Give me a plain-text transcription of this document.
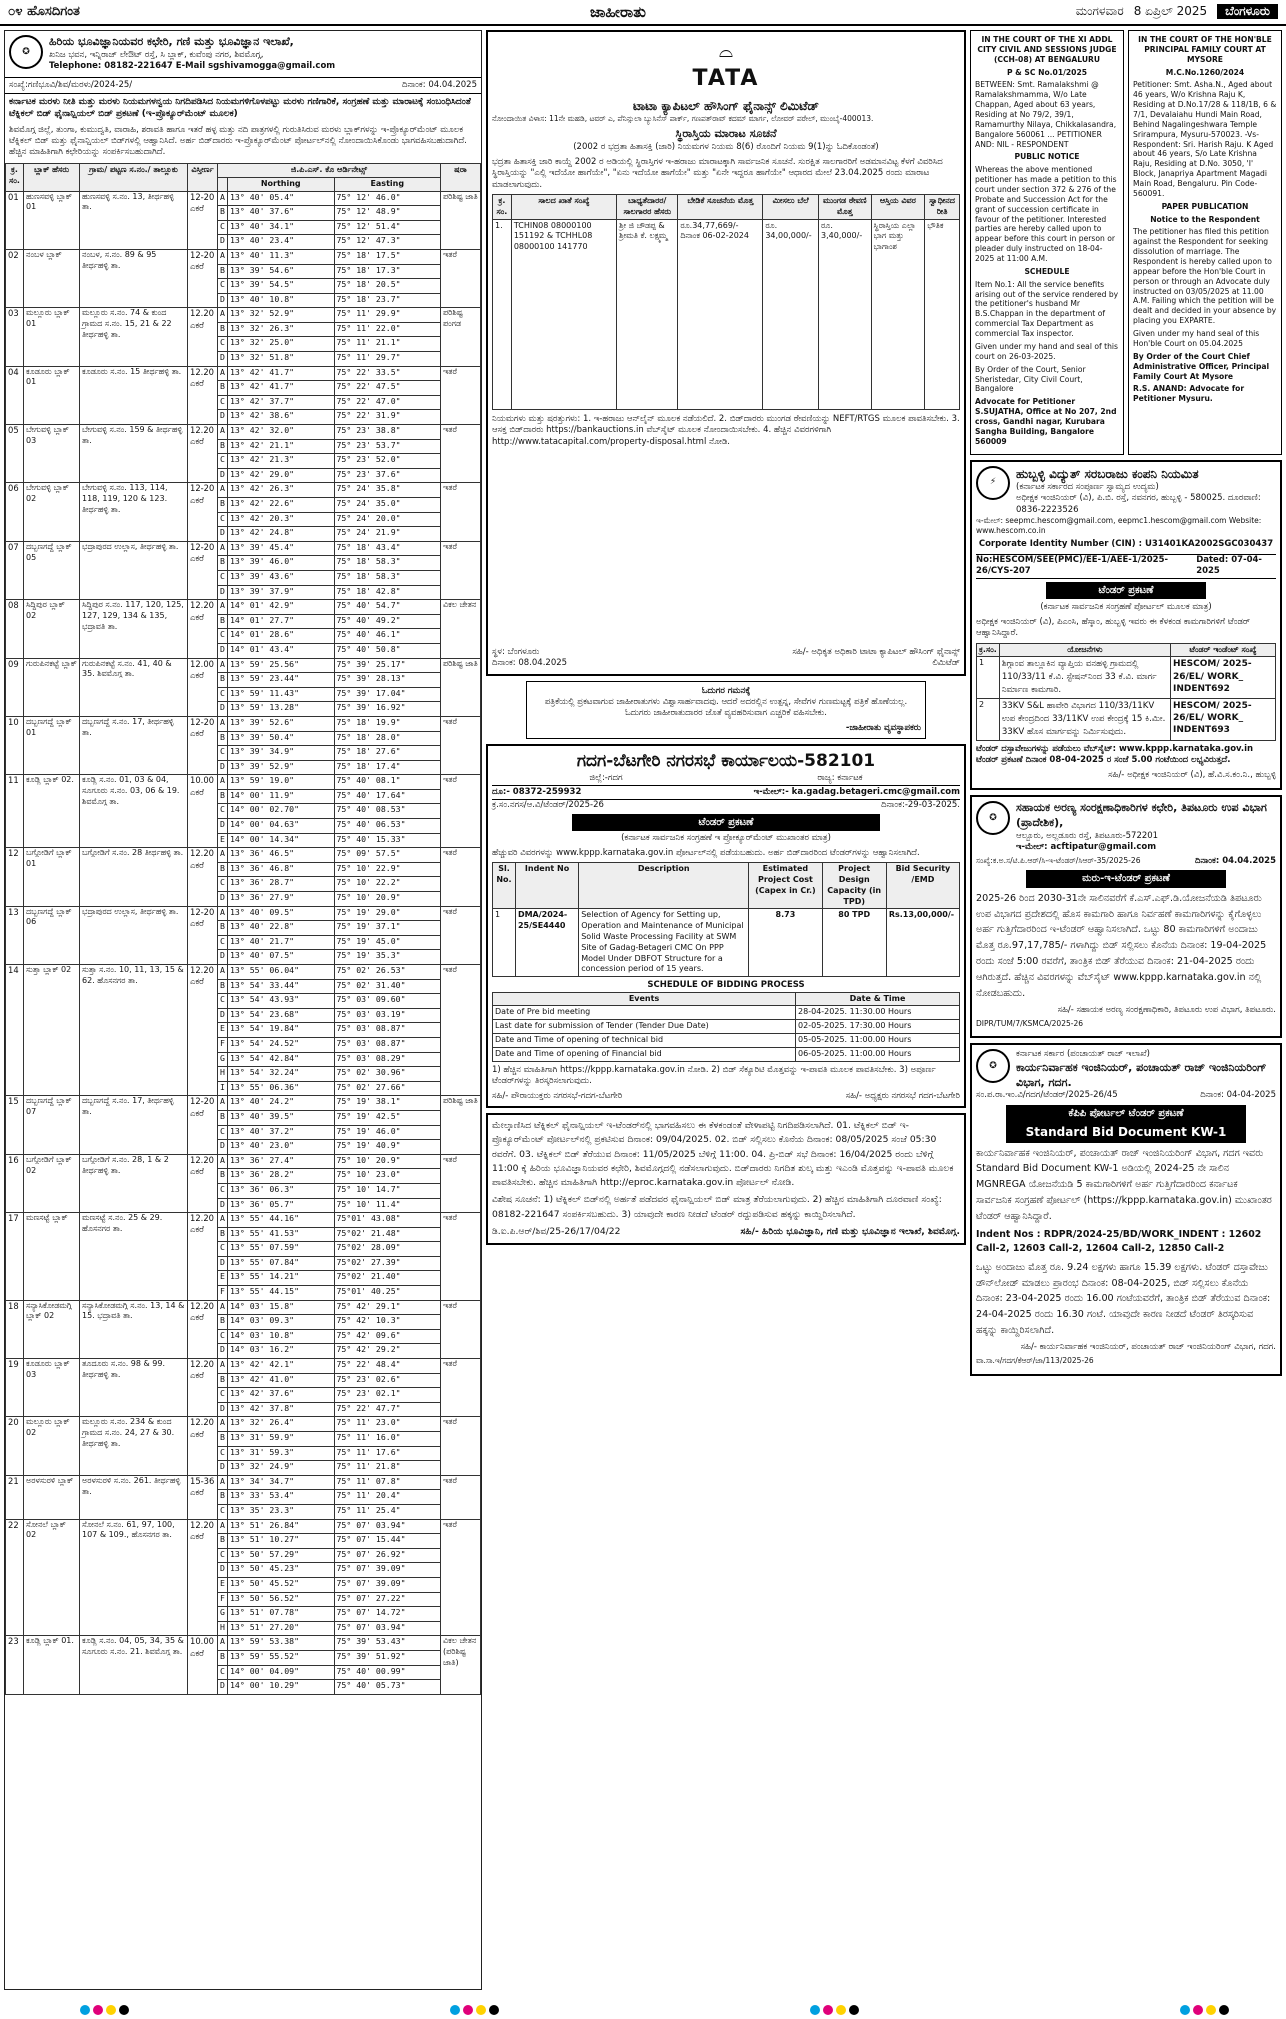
೦೪ ಹೊಸದಿಗಂತ	ಜಾಹೀರಾತು	ಮಂಗಳವಾರ 8 ಏಪ್ರಿಲ್ 2025	ಬೆಂಗಳೂರು
✪
ಹಿರಿಯ ಭೂವಿಜ್ಞಾನಿಯವರ ಕಛೇರಿ, ಗಣಿ ಮತ್ತು ಭೂವಿಜ್ಞಾನ ಇಲಾಖೆ,
ಖನಿಜ ಭವನ, ಇನ್ನಿರಾಜ್ ಲೇಔಟ್ ರಸ್ತೆ, ಸಿ ಬ್ಲಾಕ್, ಕುವೆಂಪು ನಗರ, ಶಿವಮೊಗ್ಗ,
Telephone: 08182-221647 E-Mail sgshivamogga@gmail.com
ಸಂಖ್ಯೆ:ಗಣಿಭೂವಿ/ಶಿವ/ಮರಳು/2024-25/	ದಿನಾಂಕ: 04.04.2025
ಕರ್ನಾಟಕ ಮರಳು ನೀತಿ ಮತ್ತು ಮರಳು ನಿಯಮಗಳನ್ವಯ ನಿಗದಿಪಡಿಸಿದ ನಿಯಮಗಳಿಗೊಳಪಟ್ಟು ಮರಳು ಗಣಿಗಾರಿಕೆ, ಸಂಗ್ರಹಣೆ ಮತ್ತು ಮಾರಾಟಕ್ಕೆ ಸಂಬಂಧಿಸಿದಂತೆ ಟೆಕ್ನಿಕಲ್ ಬಿಡ್ ಫೈನಾನ್ಷಿಯಲ್ ಬಿಡ್ ಪ್ರಕಟಣೆ (ಇ-ಪ್ರೊಕ್ಯೂರ್‌ಮೆಂಟ್ ಮೂಲಕ)
ಶಿವಮೊಗ್ಗ ಜಿಲ್ಲೆ, ತುಂಗಾ, ಕುಮುದ್ವತಿ, ವಾರಾಹಿ, ಶರಾವತಿ ಹಾಗೂ ಇತರೆ ಹಳ್ಳ ಮತ್ತು ನದಿ ಪಾತ್ರಗಳಲ್ಲಿ ಗುರುತಿಸಿರುವ ಮರಳು ಬ್ಲಾಕ್‌ಗಳನ್ನು ಇ-ಪ್ರೊಕ್ಯೂರ್‌ಮೆಂಟ್ ಮೂಲಕ ಟೆಕ್ನಿಕಲ್ ಬಿಡ್ ಮತ್ತು ಫೈನಾನ್ಷಿಯಲ್ ಬಿಡ್‌ಗಳಲ್ಲಿ ಆಹ್ವಾನಿಸಿದೆ. ಅರ್ಹ ಬಿಡ್‌ದಾರರು ಇ-ಪ್ರೊಕ್ಯೂರ್‌ಮೆಂಟ್ ಪೋರ್ಟಲ್‌ನಲ್ಲಿ ನೋಂದಾಯಿಸಿಕೊಂಡು ಭಾಗವಹಿಸಬಹುದಾಗಿದೆ. ಹೆಚ್ಚಿನ ಮಾಹಿತಿಗಾಗಿ ಕಛೇರಿಯನ್ನು ಸಂಪರ್ಕಿಸಬಹುದಾಗಿದೆ.
ಕ್ರ. ಸಂ.	ಬ್ಲಾಕ್ ಹೆಸರು	ಗ್ರಾಮ/ ಪಟ್ಟಣ ಸ.ನಂ./ ತಾಲ್ಲೂಕು	ವಿಸ್ತೀರ್ಣ	ಜಿ.ಪಿ.ಎಸ್. ಕೊ ಆರ್ಡಿನೇಟ್ಸ್			ಷರಾ
					Northing	Easting	
01	ಹುಣಸವಳ್ಳಿ ಬ್ಲಾಕ್ 01	ಹುಣಸವಳ್ಳಿ ಸ.ನಂ. 13, ತೀರ್ಥಹಳ್ಳಿ ತಾ.	12-20 ಎಕರೆ	A	13° 40' 05.4"	75° 12' 46.0"	ಪರಿಶಿಷ್ಟ ಜಾತಿ
				B	13° 40' 37.6"	75° 12' 48.9"	
				C	13° 40' 34.1"	75° 12' 51.4"	
				D	13° 40' 23.4"	75° 12' 47.3"	
02	ನಂಬಳ ಬ್ಲಾಕ್	ನಂಬಳ, ಸ.ನಂ. 89 & 95 ತೀರ್ಥಹಳ್ಳಿ ತಾ.	12-20 ಎಕರೆ	A	13° 40' 11.3"	75° 18' 17.5"	ಇತರೆ
				B	13° 39' 54.6"	75° 18' 17.3"	
				C	13° 39' 54.5"	75° 18' 20.5"	
				D	13° 40' 10.8"	75° 18' 23.7"	
03	ಮಲ್ಲೂರು ಬ್ಲಾಕ್ 01	ಮಲ್ಲೂರು ಸ.ನಂ. 74 & ಕುಂದ ಗ್ರಾಮದ ಸ.ನಂ. 15, 21 & 22 ತೀರ್ಥಹಳ್ಳಿ ತಾ.	12.20 ಎಕರೆ	A	13° 32' 52.9"	75° 11' 29.9"	ಪರಿಶಿಷ್ಟ ಪಂಗಡ
				B	13° 32' 26.3"	75° 11' 22.0"	
				C	13° 32' 25.0"	75° 11' 21.1"	
				D	13° 32' 51.8"	75° 11' 29.7"	
04	ಕೂಡೂರು ಬ್ಲಾಕ್ 01	ಕೂಡೂರು ಸ.ನಂ. 15 ತೀರ್ಥಹಳ್ಳಿ ತಾ.	12.20 ಎಕರೆ	A	13° 42' 41.7"	75° 22' 33.5"	ಇತರೆ
				B	13° 42' 41.7"	75° 22' 47.5"	
				C	13° 42' 37.7"	75° 22' 47.0"	
				D	13° 42' 38.6"	75° 22' 31.9"	
05	ಬೇಗುವಳ್ಳಿ ಬ್ಲಾಕ್ 03	ಬೇಗುವಳ್ಳಿ ಸ.ನಂ. 159 & ತೀರ್ಥಹಳ್ಳಿ ತಾ.	12.20 ಎಕರೆ	A	13° 42' 32.0"	75° 23' 38.8"	ಇತರೆ
				B	13° 42' 21.1"	75° 23' 53.7"	
				C	13° 42' 21.3"	75° 23' 52.0"	
				D	13° 42' 29.0"	75° 23' 37.6"	
06	ಬೇಗುವಳ್ಳಿ ಬ್ಲಾಕ್ 02	ಬೇಗುವಳ್ಳಿ ಸ.ನಂ. 113, 114, 118, 119, 120 & 123. ತೀರ್ಥಹಳ್ಳಿ ತಾ.	12-20 ಎಕರೆ	A	13° 42' 26.3"	75° 24' 35.8"	ಇತರೆ
				B	13° 42' 22.6"	75° 24' 35.0"	
				C	13° 42' 20.3"	75° 24' 20.0"	
				D	13° 42' 24.8"	75° 24' 21.9"	
07	ದಬ್ಬಣಗದ್ದೆ ಬ್ಲಾಕ್ 05	ಭದ್ರಾಪುರದ ಉಲ್ಲಾಸ, ತೀರ್ಥಹಳ್ಳಿ ತಾ.	12-20 ಎಕರೆ	A	13° 39' 45.4"	75° 18' 43.4"	ಇತರೆ
				B	13° 39' 46.0"	75° 18' 58.3"	
				C	13° 39' 43.6"	75° 18' 58.3"	
				D	13° 39' 37.9"	75° 18' 42.8"	
08	ಸಿದ್ದಿಪುರ ಬ್ಲಾಕ್ 02	ಸಿದ್ದಿಪುರ ಸ.ನಂ. 117, 120, 125, 127, 129, 134 & 135, ಭದ್ರಾವತಿ ತಾ.	12.20 ಎಕರೆ	A	14° 01' 42.9"	75° 40' 54.7"	ವಿಕಲ ಚೇತನ
				B	14° 01' 27.7"	75° 40' 49.2"	
				C	14° 01' 28.6"	75° 40' 46.1"	
				D	14° 01' 43.4"	75° 40' 50.8"	
09	ಗುರುಪಿನಕಟ್ಟೆ ಬ್ಲಾಕ್	ಗುರುಪಿನಕಟ್ಟೆ ಸ.ನಂ. 41, 40 & 35. ಶಿವಮೊಗ್ಗ ತಾ.	12.00 ಎಕರೆ	A	13° 59' 25.56"	75° 39' 25.17"	ಪರಿಶಿಷ್ಟ ಜಾತಿ
				B	13° 59' 23.44"	75° 39' 28.13"	
				C	13° 59' 11.43"	75° 39' 17.04"	
				D	13° 59' 13.28"	75° 39' 16.92"	
10	ದಬ್ಬಣಗದ್ದೆ ಬ್ಲಾಕ್ 01	ದಬ್ಬಣಗದ್ದೆ ಸ.ನಂ. 17, ತೀರ್ಥಹಳ್ಳಿ ತಾ.	12-20 ಎಕರೆ	A	13° 39' 52.6"	75° 18' 19.9"	ಇತರೆ
				B	13° 39' 50.4"	75° 18' 28.0"	
				C	13° 39' 34.9"	75° 18' 27.6"	
				D	13° 39' 52.9"	75° 18' 17.4"	
11	ಕೂಡ್ಲಿ ಬ್ಲಾಕ್ 02.	ಕೂಡ್ಲಿ ಸ.ನಂ. 01, 03 & 04, ಸೂಗೂರು ಸ.ನಂ. 03, 06 & 19. ಶಿವಮೊಗ್ಗ ತಾ.	10.00 ಎಕರೆ	A	13° 59' 19.0"	75° 40' 08.1"	ಇತರೆ
				B	14° 00' 11.9"	75° 40' 17.64"	
				C	14° 00' 02.70"	75° 40' 08.53"	
				D	14° 00' 04.63"	75° 40' 06.53"	
				E	14° 00' 14.34"	75° 40' 15.33"	
12	ಬಗ್ಗೋಡಿಗೆ ಬ್ಲಾಕ್ 01	ಬಗ್ಗೋಡಿಗೆ ಸ.ನಂ. 28 ತೀರ್ಥಹಳ್ಳಿ ತಾ.	12.20 ಎಕರೆ	A	13° 36' 46.5"	75° 09' 57.5"	ಇತರೆ
				B	13° 36' 46.8"	75° 10' 22.9"	
				C	13° 36' 28.7"	75° 10' 22.2"	
				D	13° 36' 27.9"	75° 10' 20.9"	
13	ದಬ್ಬಣಗದ್ದೆ ಬ್ಲಾಕ್ 06	ಭದ್ರಾಪುರದ ಉಲ್ಲಾಸ, ತೀರ್ಥಹಳ್ಳಿ ತಾ.	12-20 ಎಕರೆ	A	13° 40' 09.5"	75° 19' 29.0"	ಇತರೆ
				B	13° 40' 22.8"	75° 19' 37.1"	
				C	13° 40' 21.7"	75° 19' 45.0"	
				D	13° 40' 07.5"	75° 19' 35.3"	
14	ಸುತ್ತಾ ಬ್ಲಾಕ್ 02	ಸುತ್ತಾ ಸ.ನಂ. 10, 11, 13, 15 & 62. ಹೊಸನಗರ ತಾ.	12.20 ಎಕರೆ	A	13° 55' 06.04"	75° 02' 26.53"	ಇತರೆ
				B	13° 54' 33.44"	75° 02' 31.40"	
				C	13° 54' 43.93"	75° 03' 09.60"	
				D	13° 54' 23.68"	75° 03' 03.19"	
				E	13° 54' 19.84"	75° 03' 08.87"	
				F	13° 54' 24.52"	75° 03' 08.87"	
				G	13° 54' 42.84"	75° 03' 08.29"	
				H	13° 54' 32.24"	75° 02' 30.96"	
				I	13° 55' 06.36"	75° 02' 27.66"	
15	ದಬ್ಬಣಗದ್ದೆ ಬ್ಲಾಕ್ 07	ದಬ್ಬಣಗದ್ದೆ ಸ.ನಂ. 17, ತೀರ್ಥಹಳ್ಳಿ ತಾ.	12-20 ಎಕರೆ	A	13° 40' 24.2"	75° 19' 38.1"	ಪರಿಶಿಷ್ಟ ಜಾತಿ
				B	13° 40' 39.5"	75° 19' 42.5"	
				C	13° 40' 37.2"	75° 19' 46.0"	
				D	13° 40' 23.0"	75° 19' 40.9"	
16	ಬಗ್ಗೋಡಿಗೆ ಬ್ಲಾಕ್ 02	ಬಗ್ಗೋಡಿಗೆ ಸ.ನಂ. 28, 1 & 2 ತೀರ್ಥಹಳ್ಳಿ ತಾ.	12.20 ಎಕರೆ	A	13° 36' 27.4"	75° 10' 20.9"	ಇತರೆ
				B	13° 36' 28.2"	75° 10' 23.0"	
				C	13° 36' 06.3"	75° 10' 14.7"	
				D	13° 36' 05.7"	75° 10' 11.4"	
17	ಮಣಸಟ್ಟೆ ಬ್ಲಾಕ್	ಮಣಸಟ್ಟೆ ಸ.ನಂ. 25 & 29. ಹೊಸನಗರ ತಾ.	12.20 ಎಕರೆ	A	13° 55' 44.16"	75°01' 43.08"	ಇತರೆ
				B	13° 55' 41.53"	75°02' 21.48"	
				C	13° 55' 07.59"	75°02' 28.09"	
				D	13° 55' 07.84"	75°02' 27.39"	
				E	13° 55' 14.21"	75°02' 21.40"	
				F	13° 55' 44.15"	75°01' 40.25"	
18	ಸನ್ಯಾಸಿಕೋಡಮಗ್ಗಿ ಬ್ಲಾಕ್ 02	ಸನ್ಯಾಸಿಕೋಡಮಗ್ಗಿ ಸ.ನಂ. 13, 14 & 15. ಭದ್ರಾವತಿ ತಾ.	12.20 ಎಕರೆ	A	14° 03' 15.8"	75° 42' 29.1"	ಇತರೆ
				B	14° 03' 09.3"	75° 42' 10.3"	
				C	14° 03' 10.8"	75° 42' 09.6"	
				D	14° 03' 16.2"	75° 42' 29.2"	
19	ಕೂಡೂರು ಬ್ಲಾಕ್ 03	ತೂದೂರು ಸ.ನಂ. 98 & 99. ತೀರ್ಥಹಳ್ಳಿ ತಾ.	12.20 ಎಕರೆ	A	13° 42' 42.1"	75° 22' 48.4"	ಇತರೆ
				B	13° 42' 41.0"	75° 23' 02.6"	
				C	13° 42' 37.6"	75° 23' 02.1"	
				D	13° 42' 37.8"	75° 22' 47.7"	
20	ಮಲ್ಲೂರು ಬ್ಲಾಕ್ 02	ಮಲ್ಲೂರು ಸ.ನಂ. 234 & ಕುಂದ ಗ್ರಾಮದ ಸ.ನಂ. 24, 27 & 30. ತೀರ್ಥಹಳ್ಳಿ ತಾ.	12.20 ಎಕರೆ	A	13° 32' 26.4"	75° 11' 23.0"	ಇತರೆ
				B	13° 31' 59.9"	75° 11' 16.0"	
				C	13° 31' 59.3"	75° 11' 17.6"	
				D	13° 32' 24.9"	75° 11' 21.8"	
21	ಅರಳಸುರಳಿ ಬ್ಲಾಕ್	ಅರಳಸುರಳಿ ಸ.ನಂ. 261. ತೀರ್ಥಹಳ್ಳಿ ತಾ.	15-36 ಎಕರೆ	A	13° 34' 34.7"	75° 11' 07.8"	ಇತರೆ
				B	13° 33' 53.4"	75° 11' 20.4"	
				C	13° 35' 23.3"	75° 11' 25.4"	
22	ಸೋನಲೆ ಬ್ಲಾಕ್ 02	ಸೋನಲೆ ಸ.ನಂ. 61, 97, 100, 107 & 109., ಹೊಸನಗರ ತಾ.	12.20 ಎಕರೆ	A	13° 51' 26.84"	75° 07' 03.94"	ಇತರೆ
				B	13° 51' 10.27"	75° 07' 15.44"	
				C	13° 50' 57.29"	75° 07' 26.92"	
				D	13° 50' 45.23"	75° 07' 39.09"	
				E	13° 50' 45.52"	75° 07' 39.09"	
				F	13° 50' 56.52"	75° 07' 27.22"	
				G	13° 51' 07.78"	75° 07' 14.72"	
				H	13° 51' 27.20"	75° 07' 03.94"	
23	ಕೂಡ್ಲಿ ಬ್ಲಾಕ್ 01.	ಕೂಡ್ಲಿ ಸ.ನಂ. 04, 05, 34, 35 & ಸೂಗೂರು ಸ.ನಂ. 21. ಶಿವಮೊಗ್ಗ ತಾ.	10.00 ಎಕರೆ	A	13° 59' 53.38"	75° 39' 53.43"	ವಿಕಲ ಚೇತನ (ಪರಿಶಿಷ್ಟ ಜಾತಿ)
				B	13° 59' 55.52"	75° 39' 51.92"	
				C	14° 00' 04.09"	75° 40' 00.99"	
				D	14° 00' 10.29"	75° 40' 05.73"	
⌓
TATA
ಟಾಟಾ ಕ್ಯಾಪಿಟಲ್ ಹೌಸಿಂಗ್ ಫೈನಾನ್ಸ್ ಲಿಮಿಟೆಡ್

ನೋಂದಾಯಿತ ವಿಳಾಸ: 11ನೇ ಮಹಡಿ, ಟವರ್ ಎ, ಪೆನಿನ್ಸುಲಾ ಬ್ಯುಸಿನೆಸ್ ಪಾರ್ಕ್, ಗಣಪತ್‌ರಾವ್ ಕದಮ್ ಮಾರ್ಗ, ಲೋವರ್ ಪರೇಲ್, ಮುಂಬೈ-400013.

ಸ್ಥಿರಾಸ್ತಿಯ ಮಾರಾಟ ಸೂಚನೆ

(2002 ರ ಭದ್ರತಾ ಹಿತಾಸಕ್ತಿ (ಜಾರಿ) ನಿಯಮಗಳ ನಿಯಮ 8(6) ರೊಂದಿಗೆ ನಿಯಮ 9(1)ನ್ನು ಓದಿಕೊಂಡಂತೆ)

ಭದ್ರತಾ ಹಿತಾಸಕ್ತಿ ಜಾರಿ ಕಾಯ್ದೆ 2002 ರ ಅಡಿಯಲ್ಲಿ ಸ್ಥಿರಾಸ್ತಿಗಳ ಇ-ಹರಾಜು ಮಾರಾಟಕ್ಕಾಗಿ ಸಾರ್ವಜನಿಕ ಸೂಚನೆ. ಸುರಕ್ಷಿತ ಸಾಲಗಾರರಿಗೆ ಅಡಮಾನವಿಟ್ಟ ಕೆಳಗೆ ವಿವರಿಸಿದ ಸ್ಥಿರಾಸ್ತಿಯನ್ನು "ಎಲ್ಲಿ ಇದೆಯೋ ಹಾಗೆಯೇ", "ಏನು ಇದೆಯೋ ಹಾಗೆಯೇ" ಮತ್ತು "ಏನೇ ಇದ್ದರೂ ಹಾಗೆಯೇ" ಆಧಾರದ ಮೇಲೆ 23.04.2025 ರಂದು ಮಾರಾಟ ಮಾಡಲಾಗುವುದು.

ಕ್ರ. ಸಂ.	ಸಾಲದ ಖಾತೆ ಸಂಖ್ಯೆ	ಬಾಧ್ಯತೆದಾರರ/ ಸಾಲಗಾರರ ಹೆಸರು	ಬೇಡಿಕೆ ಸೂಚನೆಯ ಮೊತ್ತ	ಮೀಸಲು ಬೆಲೆ	ಮುಂಗಡ ಠೇವಣಿ ಮೊತ್ತ	ಆಸ್ತಿಯ ವಿವರ	ಸ್ವಾಧೀನದ ರೀತಿ
1.	TCHIN08 08000100 151192 & TCHHL08 08000100 141770	ಶ್ರೀ ಜಿ ಚೌಡಪ್ಪ & ಶ್ರೀಮತಿ ಕೆ. ಲಕ್ಷ್ಮಮ್ಮ	ರೂ.34,77,669/- ದಿನಾಂಕ 06-02-2024	ರೂ. 34,00,000/-	ರೂ. 3,40,000/-	ಸ್ಥಿರಾಸ್ತಿಯ ಎಲ್ಲಾ ಭಾಗ ಮತ್ತು ಭಾಗಾಂಶ	ಭೌತಿಕ

ನಿಯಮಗಳು ಮತ್ತು ಷರತ್ತುಗಳು: 1. ಇ-ಹರಾಜು ಆನ್‌ಲೈನ್ ಮೂಲಕ ನಡೆಯಲಿದೆ. 2. ಬಿಡ್‌ದಾರರು ಮುಂಗಡ ಠೇವಣಿಯನ್ನು NEFT/RTGS ಮೂಲಕ ಪಾವತಿಸಬೇಕು. 3. ಆಸಕ್ತ ಬಿಡ್‌ದಾರರು https://bankauctions.in ವೆಬ್‌ಸೈಟ್ ಮೂಲಕ ನೋಂದಾಯಿಸಬೇಕು. 4. ಹೆಚ್ಚಿನ ವಿವರಗಳಿಗಾಗಿ http://www.tatacapital.com/property-disposal.html ನೋಡಿ.

ಸ್ಥಳ: ಬೆಂಗಳೂರು
ದಿನಾಂಕ: 08.04.2025
ಸಹಿ/- ಅಧಿಕೃತ ಅಧಿಕಾರಿ ಟಾಟಾ ಕ್ಯಾಪಿಟಲ್ ಹೌಸಿಂಗ್ ಫೈನಾನ್ಸ್ ಲಿಮಿಟೆಡ್
ಓದುಗರ ಗಮನಕ್ಕೆ

ಪತ್ರಿಕೆಯಲ್ಲಿ ಪ್ರಕಟವಾಗುವ ಜಾಹೀರಾತುಗಳು ವಿಶ್ವಾಸಾರ್ಹವಾದವು. ಆದರೆ ಅದರಲ್ಲಿನ ಉತ್ಪನ್ನ, ಸೇವೆಗಳ ಗುಣಮಟ್ಟಕ್ಕೆ ಪತ್ರಿಕೆ ಹೊಣೆಯಲ್ಲ. ಓದುಗರು ಜಾಹೀರಾತುದಾರರ ಜೊತೆ ವ್ಯವಹರಿಸುವಾಗ ಎಚ್ಚರಿಕೆ ವಹಿಸಬೇಕು.

-ಜಾಹೀರಾತು ವ್ಯವಸ್ಥಾಪಕರು
ಗದಗ-ಬೆಟಗೇರಿ ನಗರಸಭೆ ಕಾರ್ಯಾಲಯ-582101
ಜಿಲ್ಲೆ:-ಗದಗ	ರಾಜ್ಯ: ಕರ್ನಾಟಕ
ದೂ:- 08372-259932	ಇ-ಮೇಲ್:- ka.gadag.betageri.cmc@gmail.com
ಕ್ರ.ಸಂ.ನಗಸ/ಆ.ವಿ/ಟೆಂಡರ್/2025-26	ದಿನಾಂಕ:-29-03-2025.
ಟೆಂಡರ್ ಪ್ರಕಟಣೆ

(ಕರ್ನಾಟಕ ಸಾರ್ವಜನಿಕ ಸಂಗ್ರಹಣೆ ಇ ಪ್ರೋಕ್ಯೂರ್‌ಮೆಂಟ್ ಮುಖಾಂತರ ಮಾತ್ರ)

ಹೆಚ್ಚುವರಿ ವಿವರಗಳನ್ನು www.kppp.karnataka.gov.in ಪೋರ್ಟಲ್‌ನಲ್ಲಿ ಪಡೆಯಬಹುದು. ಅರ್ಹ ಬಿಡ್‌ದಾರರಿಂದ ಟೆಂಡರ್‌ಗಳನ್ನು ಆಹ್ವಾನಿಸಲಾಗಿದೆ.

Sl. No.	Indent No	Description	Estimated Project Cost (Capex in Cr.)	Project Design Capacity (in TPD)	Bid Security /EMD
1	DMA/2024-25/SE4440	Selection of Agency for Setting up, Operation and Maintenance of Municipal Solid Waste Processing Facility at SWM Site of Gadag-Betageri CMC On PPP Model Under DBFOT Structure for a concession period of 15 years.	8.73	80 TPD	Rs.13,00,000/-
SCHEDULE OF BIDDING PROCESS
Events	Date & Time
Date of Pre bid meeting	28-04-2025. 11:30.00 Hours
Last date for submission of Tender (Tender Due Date)	02-05-2025. 17:30.00 Hours
Date and Time of opening of technical bid	05-05-2025. 11:00.00 Hours
Date and Time of opening of Financial bid	06-05-2025. 11:00.00 Hours

1) ಹೆಚ್ಚಿನ ಮಾಹಿತಿಗಾಗಿ https://kppp.karnataka.gov.in ನೋಡಿ. 2) ಬಿಡ್ ಸೆಕ್ಯೂರಿಟಿ ಮೊತ್ತವನ್ನು ಇ-ಪಾವತಿ ಮೂಲಕ ಪಾವತಿಸಬೇಕು. 3) ಅಪೂರ್ಣ ಟೆಂಡರ್‌ಗಳನ್ನು ತಿರಸ್ಕರಿಸಲಾಗುವುದು.

ಸಹಿ/- ಪೌರಾಯುಕ್ತರು ನಗರಸಭೆ-ಗದಗ-ಬೆಟಗೇರಿ	ಸಹಿ/- ಅಧ್ಯಕ್ಷರು ನಗರಸಭೆ ಗದಗ-ಬೆಟಗೇರಿ

ಮೇಲ್ಕಾಣಿಸಿದ ಟೆಕ್ನಿಕಲ್ ಫೈನಾನ್ಷಿಯಲ್ ಇ-ಟೆಂಡರ್‌ನಲ್ಲಿ ಭಾಗವಹಿಸಲು ಈ ಕೆಳಕಂಡಂತೆ ವೇಳಾಪಟ್ಟಿ ನಿಗದಿಪಡಿಸಲಾಗಿದೆ. 01. ಟೆಕ್ನಿಕಲ್ ಬಿಡ್ ಇ-ಪ್ರೊಕ್ಯೂರ್‌ಮೆಂಟ್ ಪೋರ್ಟಲ್‌ನಲ್ಲಿ ಪ್ರಕಟಿಸುವ ದಿನಾಂಕ: 09/04/2025. 02. ಬಿಡ್ ಸಲ್ಲಿಸಲು ಕೊನೆಯ ದಿನಾಂಕ: 08/05/2025 ಸಂಜೆ 05:30 ರವರೆಗೆ. 03. ಟೆಕ್ನಿಕಲ್ ಬಿಡ್ ತೆರೆಯುವ ದಿನಾಂಕ: 11/05/2025 ಬೆಳಿಗ್ಗೆ 11:00. 04. ಪ್ರಿ-ಬಿಡ್ ಸಭೆ ದಿನಾಂಕ: 16/04/2025 ರಂದು ಬೆಳಿಗ್ಗೆ 11:00 ಕ್ಕೆ ಹಿರಿಯ ಭೂವಿಜ್ಞಾನಿಯವರ ಕಛೇರಿ, ಶಿವಮೊಗ್ಗದಲ್ಲಿ ನಡೆಸಲಾಗುವುದು. ಬಿಡ್‌ದಾರರು ನಿಗದಿತ ಶುಲ್ಕ ಮತ್ತು ಇಎಂಡಿ ಮೊತ್ತವನ್ನು ಇ-ಪಾವತಿ ಮೂಲಕ ಪಾವತಿಸಬೇಕು. ಹೆಚ್ಚಿನ ಮಾಹಿತಿಗಾಗಿ http://eproc.karnataka.gov.in ಪೋರ್ಟಲ್ ನೋಡಿ.

ವಿಶೇಷ ಸೂಚನೆ: 1) ಟೆಕ್ನಿಕಲ್ ಬಿಡ್‌ನಲ್ಲಿ ಅರ್ಹತೆ ಪಡೆದವರ ಫೈನಾನ್ಷಿಯಲ್ ಬಿಡ್ ಮಾತ್ರ ತೆರೆಯಲಾಗುವುದು. 2) ಹೆಚ್ಚಿನ ಮಾಹಿತಿಗಾಗಿ ದೂರವಾಣಿ ಸಂಖ್ಯೆ: 08182-221647 ಸಂಪರ್ಕಿಸಬಹುದು. 3) ಯಾವುದೇ ಕಾರಣ ನೀಡದೆ ಟೆಂಡರ್ ರದ್ದುಪಡಿಸುವ ಹಕ್ಕನ್ನು ಕಾಯ್ದಿರಿಸಲಾಗಿದೆ.

ಡಿ.ಐ.ಪಿ.ಆರ್/ಶಿವ/25-26/17/04/22	ಸಹಿ/- ಹಿರಿಯ ಭೂವಿಜ್ಞಾನಿ, ಗಣಿ ಮತ್ತು ಭೂವಿಜ್ಞಾನ ಇಲಾಖೆ, ಶಿವಮೊಗ್ಗ.

IN THE COURT OF THE XI ADDL CITY CIVIL AND SESSIONS JUDGE (CCH-08) AT BENGALURU

P & SC No.01/2025

BETWEEN: Smt. Ramalakshmi @ Ramalakshmamma, W/o Late Chappan, Aged about 63 years, Residing at No 79/2, 39/1, Ramamurthy Nilaya, Chikkalasandra, Bangalore 560061 ... PETITIONER AND: NIL - RESPONDENT

PUBLIC NOTICE

Whereas the above mentioned petitioner has made a petition to this court under section 372 & 276 of the Probate and Succession Act for the grant of succession certificate in favour of the petitioner. Interested parties are hereby called upon to appear before this court in person or pleader duly instructed on 18-04-2025 at 11:00 A.M.

SCHEDULE

Item No.1: All the service benefits arising out of the service rendered by the petitioner's husband Mr B.S.Chappan in the department of commercial Tax Department as commercial Tax inspector.

Given under my hand and seal of this court on 26-03-2025.

By Order of the Court, Senior Sheristedar, City Civil Court, Bangalore

Advocate for Petitioner S.SUJATHA, Office at No 207, 2nd cross, Gandhi nagar, Kurubara Sangha Building, Bangalore 560009

IN THE COURT OF THE HON'BLE PRINCIPAL FAMILY COURT AT MYSORE

M.C.No.1260/2024

Petitioner: Smt. Asha.N., Aged about 46 years, W/o Krishna Raju K, Residing at D.No.17/28 & 118/1B, 6 & 7/1, Devalaiahu Hundi Main Road, Behind Nagalingeshwara Temple Srirampura, Mysuru-570023. -Vs- Respondent: Sri. Harish Raju. K Aged about 46 years, S/o Late Krishna Raju, Residing at D.No. 3050, 'I' Block, Janapriya Apartment Magadi Main Road, Bengaluru. Pin Code-560091.

PAPER PUBLICATION

Notice to the Respondent

The petitioner has filed this petition against the Respondent for seeking dissolution of marriage. The Respondent is hereby called upon to appear before the Hon'ble Court in person or through an Advocate duly instructed on 03/05/2025 at 11.00 A.M. Failing which the petition will be dealt and decided in your absence by placing you EXPARTE.

Given under my hand seal of this Hon'ble Court on 05.04.2025

By Order of the Court Chief Administrative Officer, Principal Family Court At Mysore

R.S. ANAND: Advocate for Petitioner Mysuru.

⚡
ಹುಬ್ಬಳ್ಳಿ ವಿದ್ಯುತ್ ಸರಬರಾಜು ಕಂಪನಿ ನಿಯಮಿತ
(ಕರ್ನಾಟಕ ಸರ್ಕಾರದ ಸಂಪೂರ್ಣ ಸ್ವಾಮ್ಯದ ಉದ್ಯಮ)
ಅಧೀಕ್ಷಕ ಇಂಜಿನಿಯರ್ (ವಿ), ಪಿ.ಬಿ. ರಸ್ತೆ, ನವನಗರ, ಹುಬ್ಬಳ್ಳಿ - 580025. ದೂರವಾಣಿ: 0836-2223526

ಇ-ಮೇಲ್: seepmc.hescom@gmail.com, eepmc1.hescom@gmail.com Website: www.hescom.co.in

Corporate Identity Number (CIN) : U31401KA2002SGC030437

No:HESCOM/SEE(PMC)/EE-1/AEE-1/2025-26/CYS-207
Dated: 07-04-2025
ಟೆಂಡರ್ ಪ್ರಕಟಣೆ

(ಕರ್ನಾಟಕ ಸಾರ್ವಜನಿಕ ಸಂಗ್ರಹಣೆ ಪೋರ್ಟಲ್ ಮೂಲಕ ಮಾತ್ರ)

ಅಧೀಕ್ಷಕ ಇಂಜಿನಿಯರ್ (ವಿ), ಪಿಎಂಸಿ, ಹೆಸ್ಕಾಂ, ಹುಬ್ಬಳ್ಳಿ ಇವರು ಈ ಕೆಳಕಂಡ ಕಾಮಗಾರಿಗಳಿಗೆ ಟೆಂಡರ್ ಆಹ್ವಾನಿಸಿದ್ದಾರೆ.

ಕ್ರ.ಸಂ.	ಯೋಜನೆಗಳು	ಟೆಂಡರ್ ಇಂಡೆಂಟ್ ಸಂಖ್ಯೆ
1	ಶಿಗ್ಗಾಂವ ತಾಲ್ಲೂಕಿನ ವ್ಯಾಪ್ತಿಯ ವನಹಳ್ಳಿ ಗ್ರಾಮದಲ್ಲಿ 110/33/11 ಕೆ.ವಿ. ಸ್ಟೇಷನ್‌ನಿಂದ 33 ಕೆ.ವಿ. ಮಾರ್ಗ ನಿರ್ಮಾಣ ಕಾಮಗಾರಿ.	HESCOM/ 2025-26/EL/ WORK_ INDENT692
2	33KV S&L ಹಾವೇರಿ ವಿಭಾಗದ 110/33/11KV ಉಪ ಕೇಂದ್ರದಿಂದ 33/11KV ಉಪ ಕೇಂದ್ರಕ್ಕೆ 15 ಕಿ.ಮೀ. 33KV ಹೊಸ ಮಾರ್ಗವನ್ನು ನಿರ್ಮಿಸುವುದು.	HESCOM/ 2025-26/EL/ WORK_ INDENT693

ಟೆಂಡರ್ ದಸ್ತಾವೇಜುಗಳನ್ನು ಪಡೆಯಲು ವೆಬ್‌ಸೈಟ್: www.kppp.karnataka.gov.in ಟೆಂಡರ್ ಪ್ರಕಟಣೆ ದಿನಾಂಕ 08-04-2025 ರ ಸಂಜೆ 5.00 ಗಂಟೆಯಿಂದ ಲಭ್ಯವಿರುತ್ತದೆ.

ಸಹಿ/- ಅಧೀಕ್ಷಕ ಇಂಜಿನಿಯರ್ (ವಿ), ಹೆ.ವಿ.ಸ.ಕಂ.ನಿ., ಹುಬ್ಬಳ್ಳಿ

✪
ಸಹಾಯಕ ಅರಣ್ಯ ಸಂರಕ್ಷಣಾಧಿಕಾರಿಗಳ ಕಛೇರಿ, ತಿಪಟೂರು ಉಪ ವಿಭಾಗ (ಪ್ರಾದೇಶಿಕ),
ಆಲ್ಬೂರು, ಅಲ್ಲಡೂರು ರಸ್ತೆ, ತಿಪಟೂರು-572201
ಇ-ಮೇಲ್: acftipatur@gmail.com
ಸಂಖ್ಯೆ:ಕ.ಅ.ಸ/ಟಿ.ಪಿ.ಆರ್/ಸಿ-ಇ-ಟೆಂಡರ್/ಸಿಆರ್-35/2025-26	ದಿನಾಂಕ: 04.04.2025
ಮರು-ಇ-ಟೆಂಡರ್ ಪ್ರಕಟಣೆ

2025-26 ರಿಂದ 2030-31ನೇ ಸಾಲಿನವರೆಗೆ ಕೆ.ಎಸ್.ಎಫ್.ಡಿ.ಯೋಜನೆಯಡಿ ತಿಪಟೂರು ಉಪ ವಿಭಾಗದ ಪ್ರದೇಶದಲ್ಲಿ ಹೊಸ ಕಾಮಗಾರಿ ಹಾಗೂ ನಿರ್ವಹಣೆ ಕಾಮಗಾರಿಗಳನ್ನು ಕೈಗೊಳ್ಳಲು ಅರ್ಹ ಗುತ್ತಿಗೆದಾರರಿಂದ ಇ-ಟೆಂಡರ್ ಆಹ್ವಾನಿಸಲಾಗಿದೆ. ಒಟ್ಟು 80 ಕಾಮಗಾರಿಗಳಿಗೆ ಅಂದಾಜು ಮೊತ್ತ ರೂ.97,17,785/- ಗಳಾಗಿದ್ದು ಬಿಡ್ ಸಲ್ಲಿಸಲು ಕೊನೆಯ ದಿನಾಂಕ: 19-04-2025 ರಂದು ಸಂಜೆ 5:00 ರವರೆಗೆ, ತಾಂತ್ರಿಕ ಬಿಡ್ ತೆರೆಯುವ ದಿನಾಂಕ: 21-04-2025 ರಂದು ಆಗಿರುತ್ತದೆ. ಹೆಚ್ಚಿನ ವಿವರಗಳನ್ನು ವೆಬ್‌ಸೈಟ್ www.kppp.karnataka.gov.in ನಲ್ಲಿ ನೋಡಬಹುದು.

ಸಹಿ/- ಸಹಾಯಕ ಅರಣ್ಯ ಸಂರಕ್ಷಣಾಧಿಕಾರಿ, ತಿಪಟೂರು ಉಪ ವಿಭಾಗ, ತಿಪಟೂರು.

DIPR/TUM/7/KSMCA/2025-26

✪
ಕರ್ನಾಟಕ ಸರ್ಕಾರ (ಪಂಚಾಯತ್ ರಾಜ್ ಇಲಾಖೆ)
ಕಾರ್ಯನಿರ್ವಾಹಕ ಇಂಜಿನಿಯರ್, ಪಂಚಾಯತ್ ರಾಜ್ ಇಂಜಿನಿಯರಿಂಗ್ ವಿಭಾಗ, ಗದಗ.
ಸಂ.ಪ.ರಾ.ಇಂ.ವಿ/ಗದಗ/ಟೆಂಡರ್/2025-26/45	ದಿನಾಂಕ: 04-04-2025
ಕೆಪಿಪಿ ಪೋರ್ಟಲ್ ಟೆಂಡರ್ ಪ್ರಕಟಣೆ
Standard Bid Document KW-1

ಕಾರ್ಯನಿರ್ವಾಹಕ ಇಂಜಿನಿಯರ್, ಪಂಚಾಯತ್ ರಾಜ್ ಇಂಜಿನಿಯರಿಂಗ್ ವಿಭಾಗ, ಗದಗ ಇವರು Standard Bid Document KW-1 ಅಡಿಯಲ್ಲಿ 2024-25 ನೇ ಸಾಲಿನ MGNREGA ಯೋಜನೆಯಡಿ 5 ಕಾಮಗಾರಿಗಳಿಗೆ ಅರ್ಹ ಗುತ್ತಿಗೆದಾರರಿಂದ ಕರ್ನಾಟಕ ಸಾರ್ವಜನಿಕ ಸಂಗ್ರಹಣೆ ಪೋರ್ಟಲ್ (https://kppp.karnataka.gov.in) ಮುಖಾಂತರ ಟೆಂಡರ್ ಆಹ್ವಾನಿಸಿದ್ದಾರೆ.

Indent Nos : RDPR/2024-25/BD/WORK_INDENT : 12602 Call-2, 12603 Call-2, 12604 Call-2, 12850 Call-2

ಒಟ್ಟು ಅಂದಾಜು ಮೊತ್ತ ರೂ. 9.24 ಲಕ್ಷಗಳು ಹಾಗೂ 15.39 ಲಕ್ಷಗಳು. ಟೆಂಡರ್ ದಸ್ತಾವೇಜು ಡೌನ್‌ಲೋಡ್ ಮಾಡಲು ಪ್ರಾರಂಭ ದಿನಾಂಕ: 08-04-2025, ಬಿಡ್ ಸಲ್ಲಿಸಲು ಕೊನೆಯ ದಿನಾಂಕ: 23-04-2025 ರಂದು 16.00 ಗಂಟೆಯವರೆಗೆ, ತಾಂತ್ರಿಕ ಬಿಡ್ ತೆರೆಯುವ ದಿನಾಂಕ: 24-04-2025 ರಂದು 16.30 ಗಂಟೆ. ಯಾವುದೇ ಕಾರಣ ನೀಡದೆ ಟೆಂಡರ್ ತಿರಸ್ಕರಿಸುವ ಹಕ್ಕನ್ನು ಕಾಯ್ದಿರಿಸಲಾಗಿದೆ.

ಸಹಿ/- ಕಾರ್ಯನಿರ್ವಾಹಕ ಇಂಜಿನಿಯರ್, ಪಂಚಾಯತ್ ರಾಜ್ ಇಂಜಿನಿಯರಿಂಗ್ ವಿಭಾಗ, ಗದಗ.

ವಾ.ಸಾ.ಇ/ಗದಗ/ಕೆಆರ್/ಜಾ/113/2025-26
